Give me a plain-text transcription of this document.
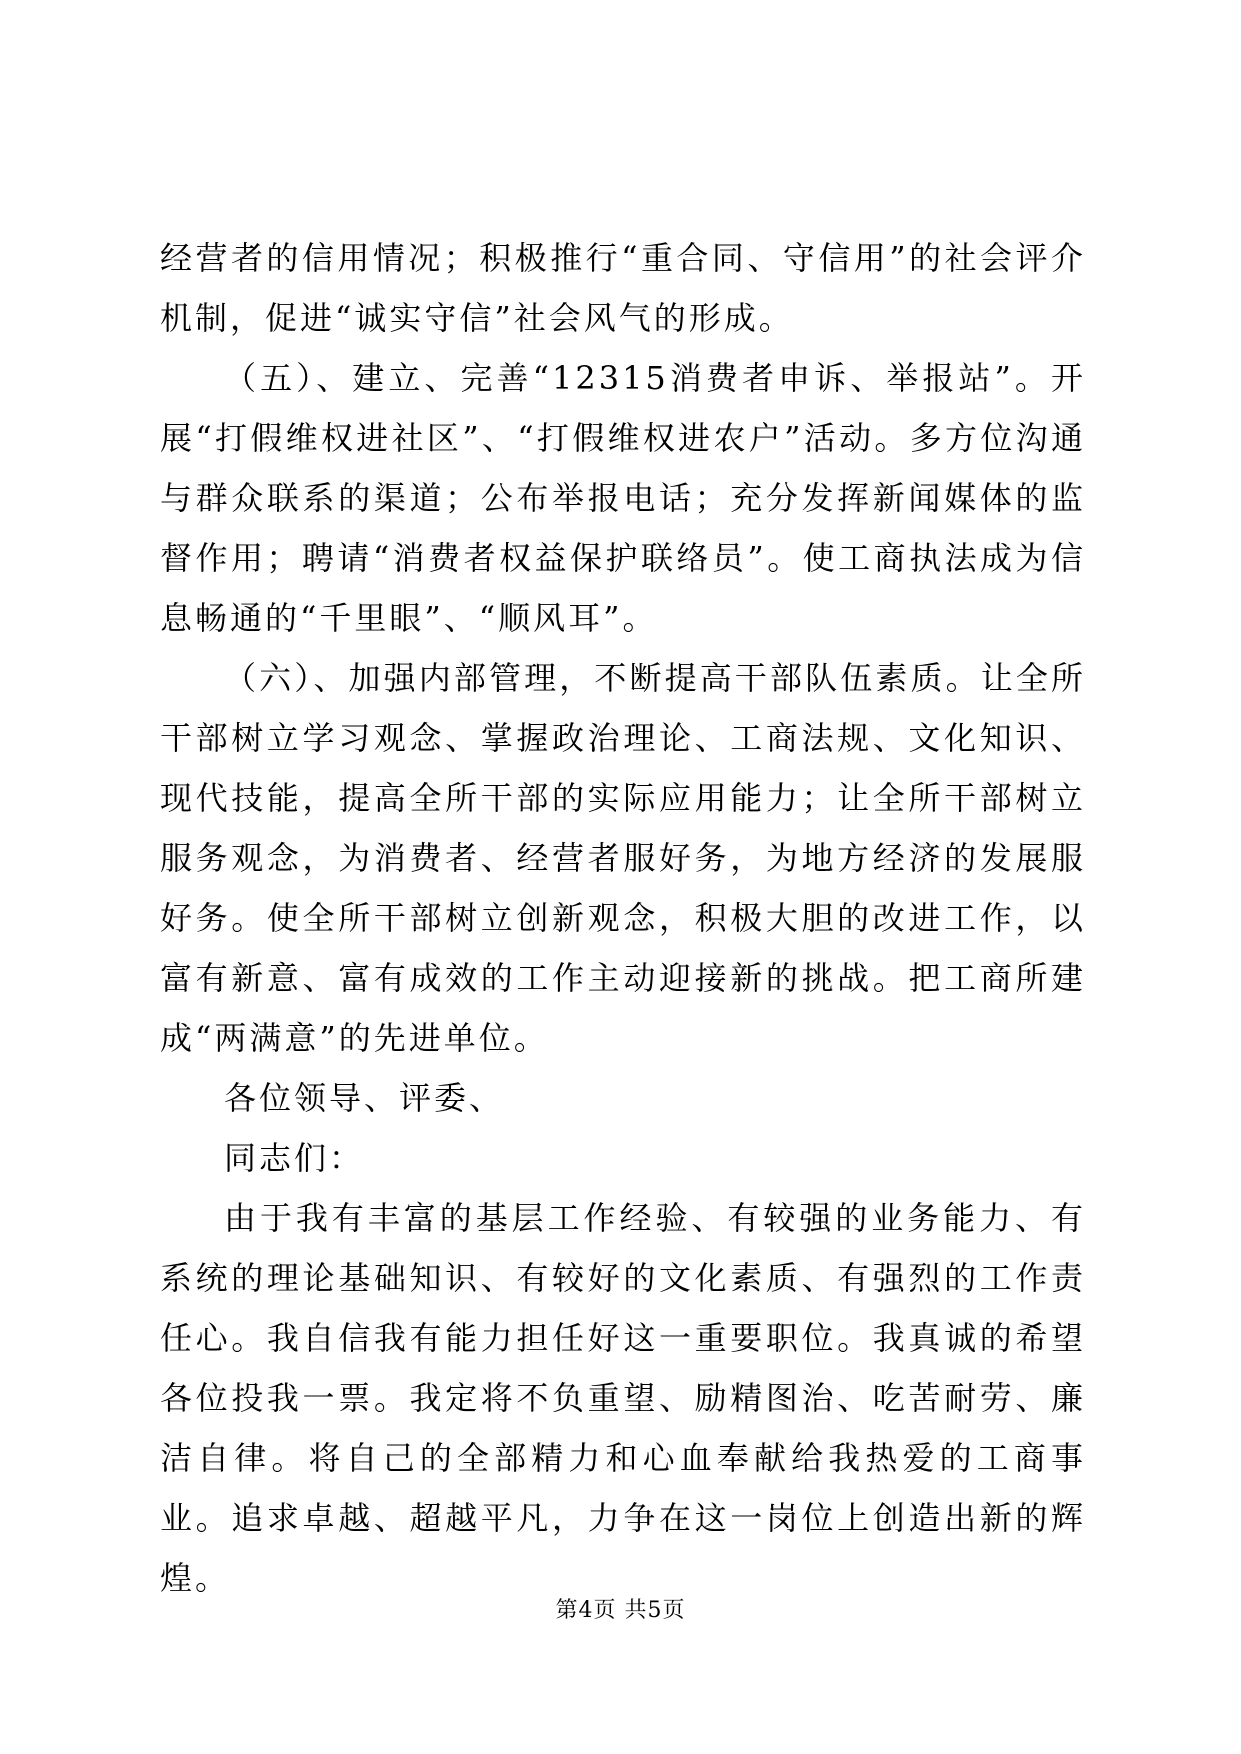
经营者的信用情况；积极推行“重合同、守信用”的社会评介机制，促进“诚实守信”社会风气的形成。

（五）、建立、完善“12315消费者申诉、举报站”。开展“打假维权进社区”、“打假维权进农户”活动。多方位沟通与群众联系的渠道；公布举报电话；充分发挥新闻媒体的监督作用；聘请“消费者权益保护联络员”。使工商执法成为信息畅通的“千里眼”、“顺风耳”。

（六）、加强内部管理，不断提高干部队伍素质。让全所干部树立学习观念、掌握政治理论、工商法规、文化知识、现代技能，提高全所干部的实际应用能力；让全所干部树立服务观念，为消费者、经营者服好务，为地方经济的发展服好务。使全所干部树立创新观念，积极大胆的改进工作，以富有新意、富有成效的工作主动迎接新的挑战。把工商所建成“两满意”的先进单位。

各位领导、评委、

同志们：

由于我有丰富的基层工作经验、有较强的业务能力、有系统的理论基础知识、有较好的文化素质、有强烈的工作责任心。我自信我有能力担任好这一重要职位。我真诚的希望各位投我一票。我定将不负重望、励精图治、吃苦耐劳、廉洁自律。将自己的全部精力和心血奉献给我热爱的工商事业。追求卓越、超越平凡，力争在这一岗位上创造出新的辉煌。

第4页 共5页
